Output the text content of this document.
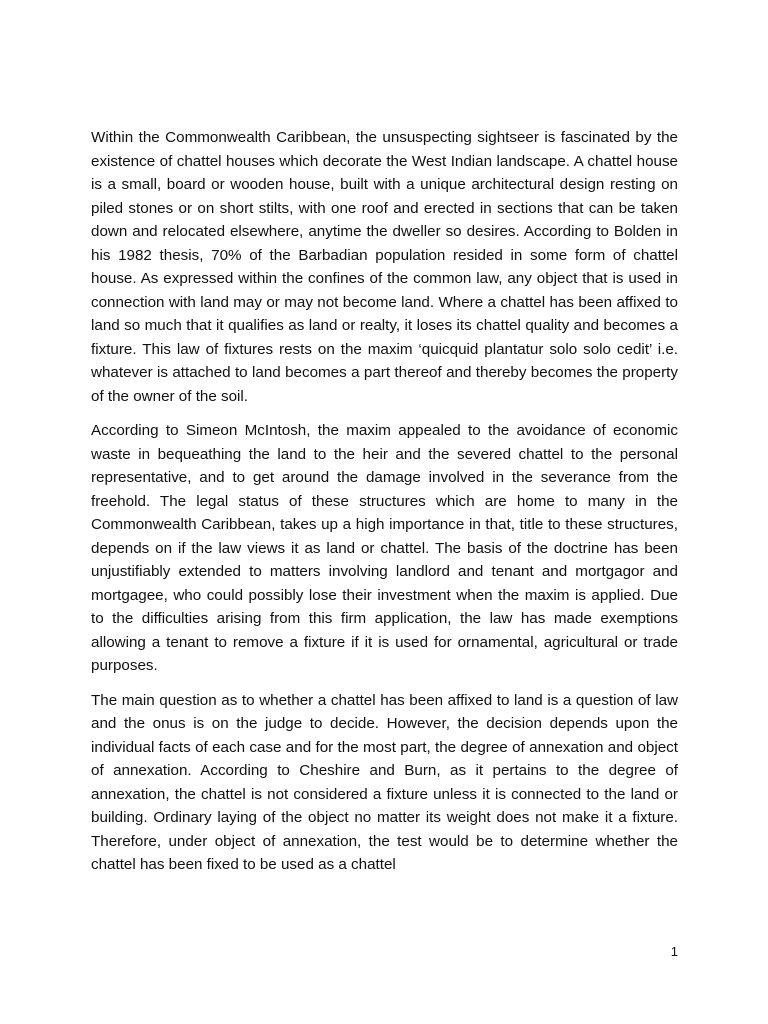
Within the Commonwealth Caribbean, the unsuspecting sightseer is fascinated by the existence of chattel houses which decorate the West Indian landscape. A chattel house is a small, board or wooden house, built with a unique architectural design resting on piled stones or on short stilts, with one roof and erected in sections that can be taken down and relocated elsewhere, anytime the dweller so desires. According to Bolden in his 1982 thesis, 70% of the Barbadian population resided in some form of chattel house. As expressed within the confines of the common law, any object that is used in connection with land may or may not become land. Where a chattel has been affixed to land so much that it qualifies as land or realty, it loses its chattel quality and becomes a fixture. This law of fixtures rests on the maxim ‘quicquid plantatur solo solo cedit’ i.e. whatever is attached to land becomes a part thereof and thereby becomes the property of the owner of the soil.

According to Simeon McIntosh, the maxim appealed to the avoidance of economic waste in bequeathing the land to the heir and the severed chattel to the personal representative, and to get around the damage involved in the severance from the freehold. The legal status of these structures which are home to many in the Commonwealth Caribbean, takes up a high importance in that, title to these structures, depends on if the law views it as land or chattel. The basis of the doctrine has been unjustifiably extended to matters involving landlord and tenant and mortgagor and mortgagee, who could possibly lose their investment when the maxim is applied. Due to the difficulties arising from this firm application, the law has made exemptions allowing a tenant to remove a fixture if it is used for ornamental, agricultural or trade purposes.

The main question as to whether a chattel has been affixed to land is a question of law and the onus is on the judge to decide. However, the decision depends upon the individual facts of each case and for the most part, the degree of annexation and object of annexation. According to Cheshire and Burn, as it pertains to the degree of annexation, the chattel is not considered a fixture unless it is connected to the land or building. Ordinary laying of the object no matter its weight does not make it a fixture. Therefore, under object of annexation, the test would be to determine whether the chattel has been fixed to be used as a chattel

1
